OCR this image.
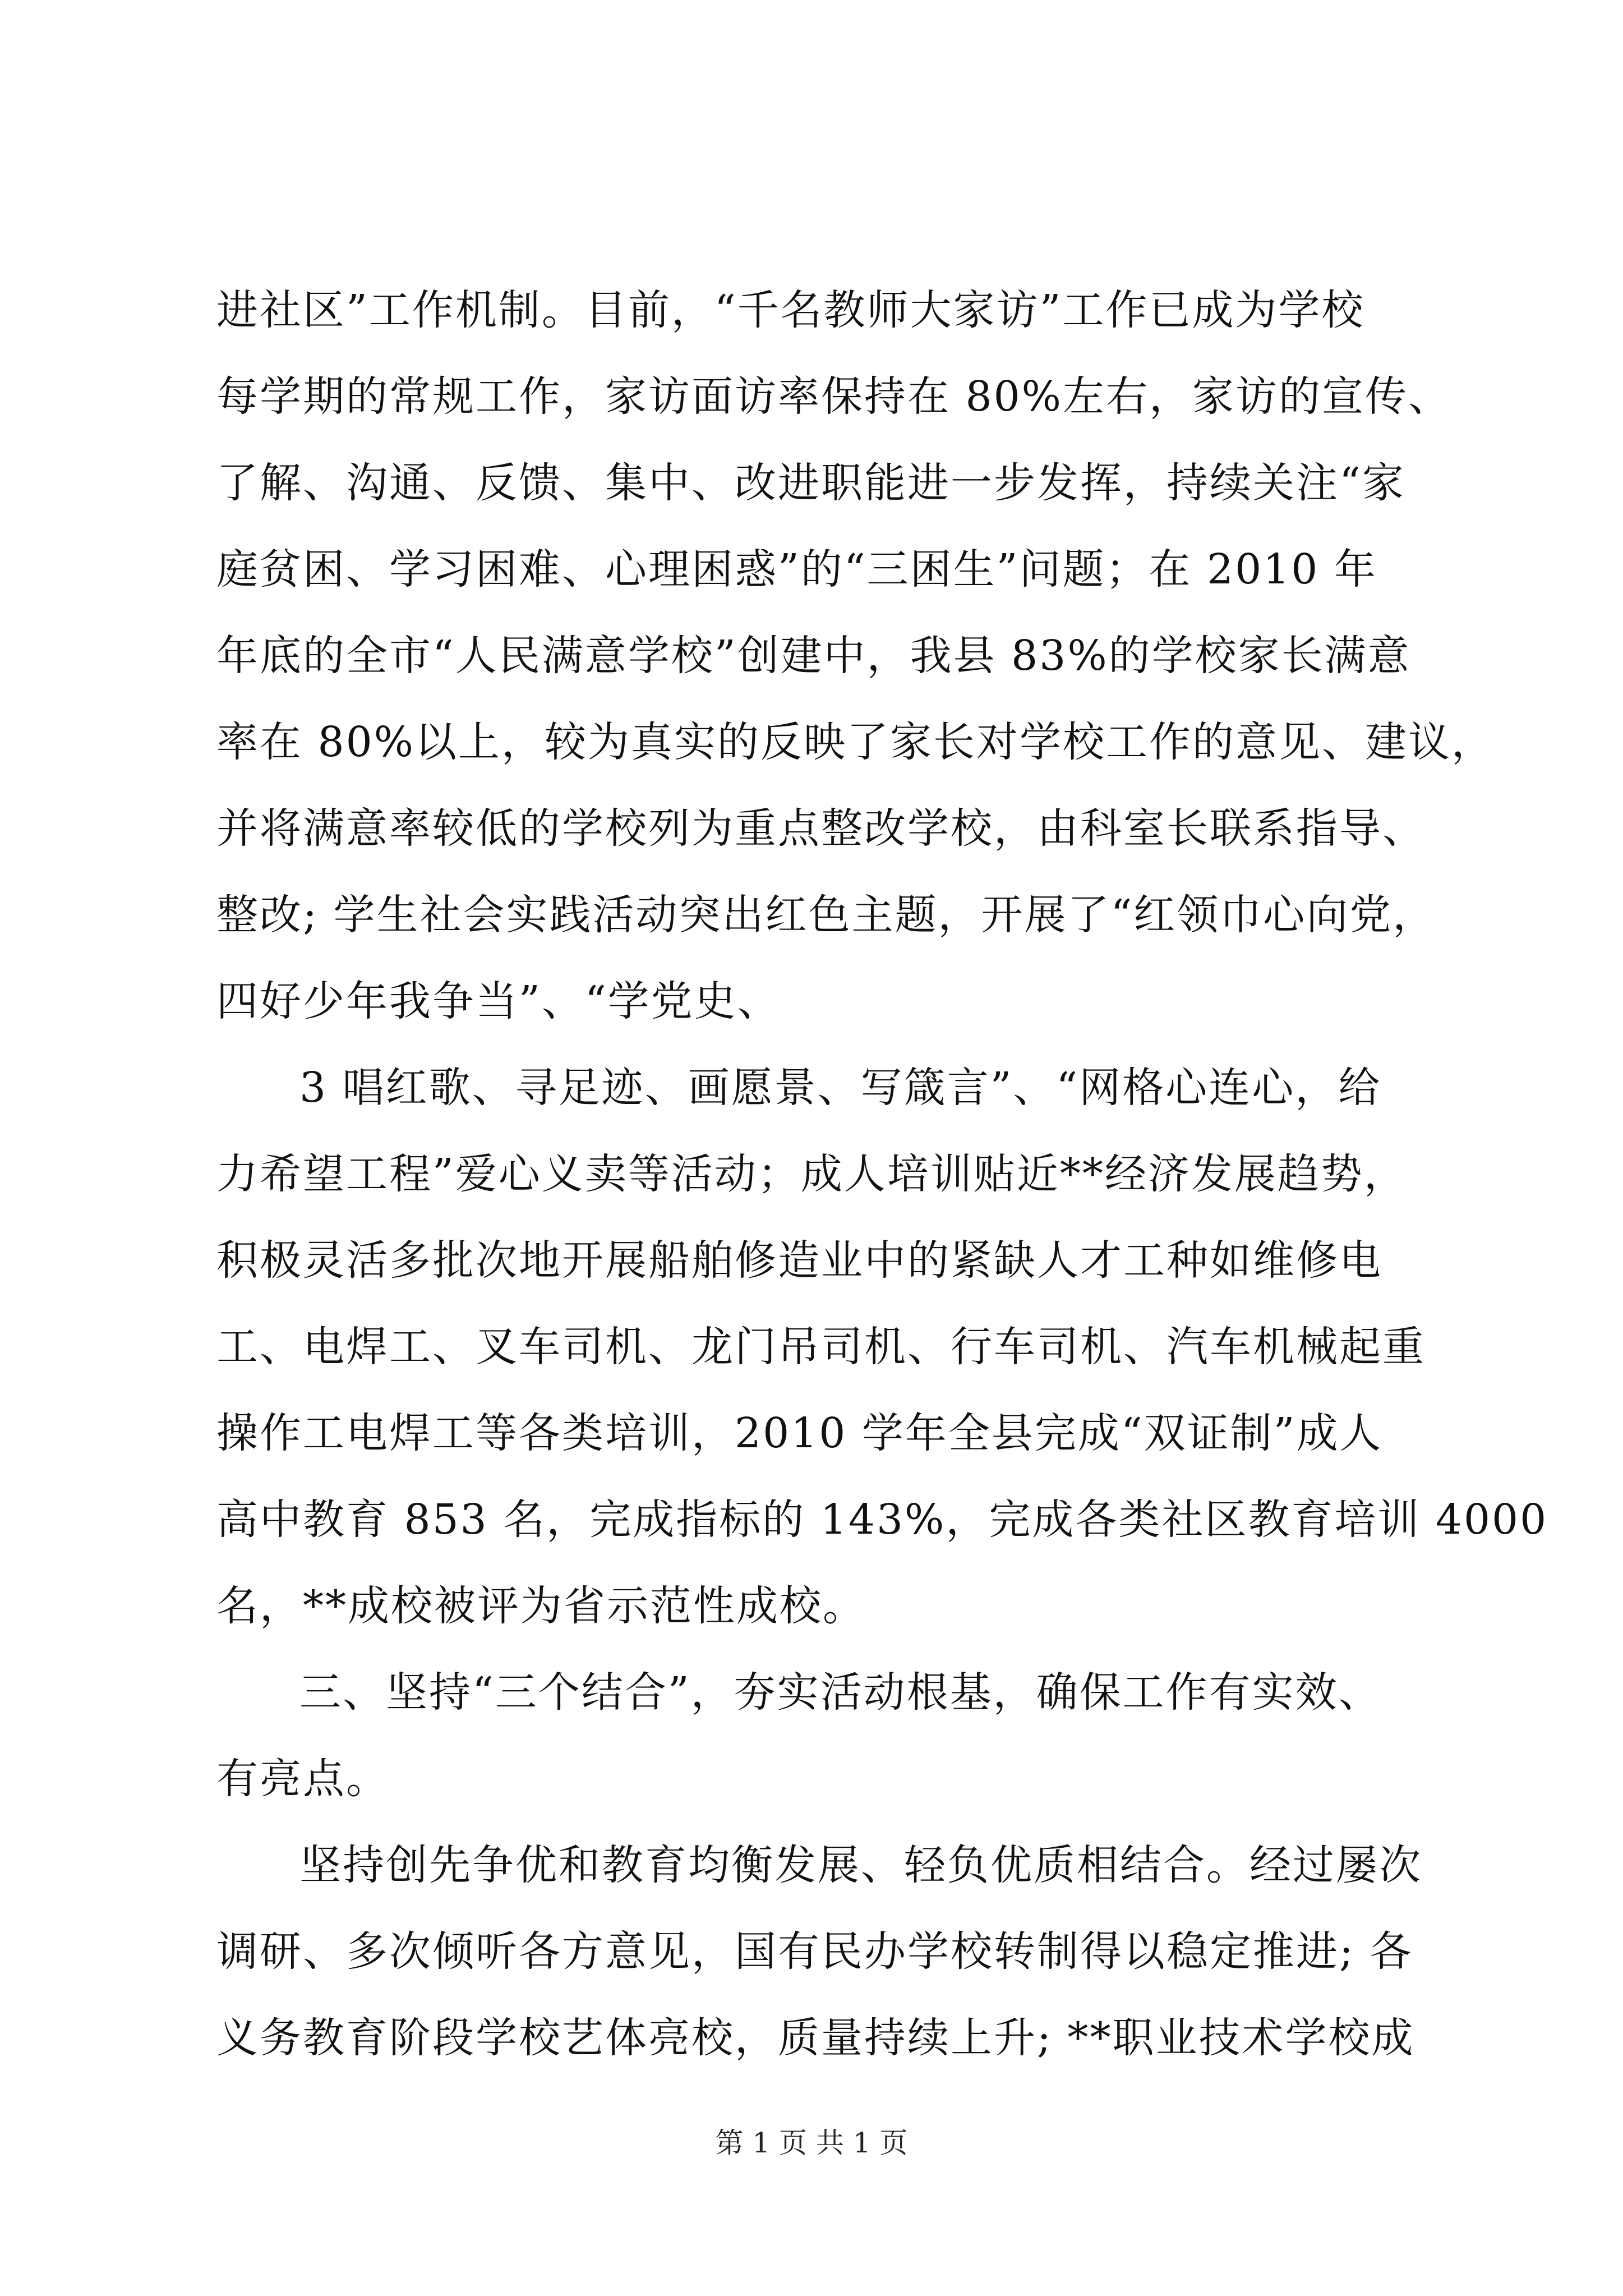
进社区”工作机制。目前，“千名教师大家访”工作已成为学校
每学期的常规工作，家访面访率保持在 80%左右，家访的宣传、
了解、沟通、反馈、集中、改进职能进一步发挥，持续关注“家
庭贫困、学习困难、心理困惑”的“三困生”问题；在 2010 年
年底的全市“人民满意学校”创建中，我县 83%的学校家长满意
率在 80%以上，较为真实的反映了家长对学校工作的意见、建议，
并将满意率较低的学校列为重点整改学校，由科室长联系指导、
整改; 学生社会实践活动突出红色主题，开展了“红领巾心向党，
四好少年我争当”、“学党史、
3 唱红歌、寻足迹、画愿景、写箴言”、“网格心连心，给
力希望工程”爱心义卖等活动；成人培训贴近**经济发展趋势，
积极灵活多批次地开展船舶修造业中的紧缺人才工种如维修电
工、电焊工、叉车司机、龙门吊司机、行车司机、汽车机械起重
操作工电焊工等各类培训，2010 学年全县完成“双证制”成人
高中教育 853 名，完成指标的 143%，完成各类社区教育培训 4000
名，**成校被评为省示范性成校。
三、坚持“三个结合”，夯实活动根基，确保工作有实效、
有亮点。
坚持创先争优和教育均衡发展、轻负优质相结合。经过屡次
调研、多次倾听各方意见，国有民办学校转制得以稳定推进; 各
义务教育阶段学校艺体亮校，质量持续上升; **职业技术学校成
第 1 页 共 1 页
